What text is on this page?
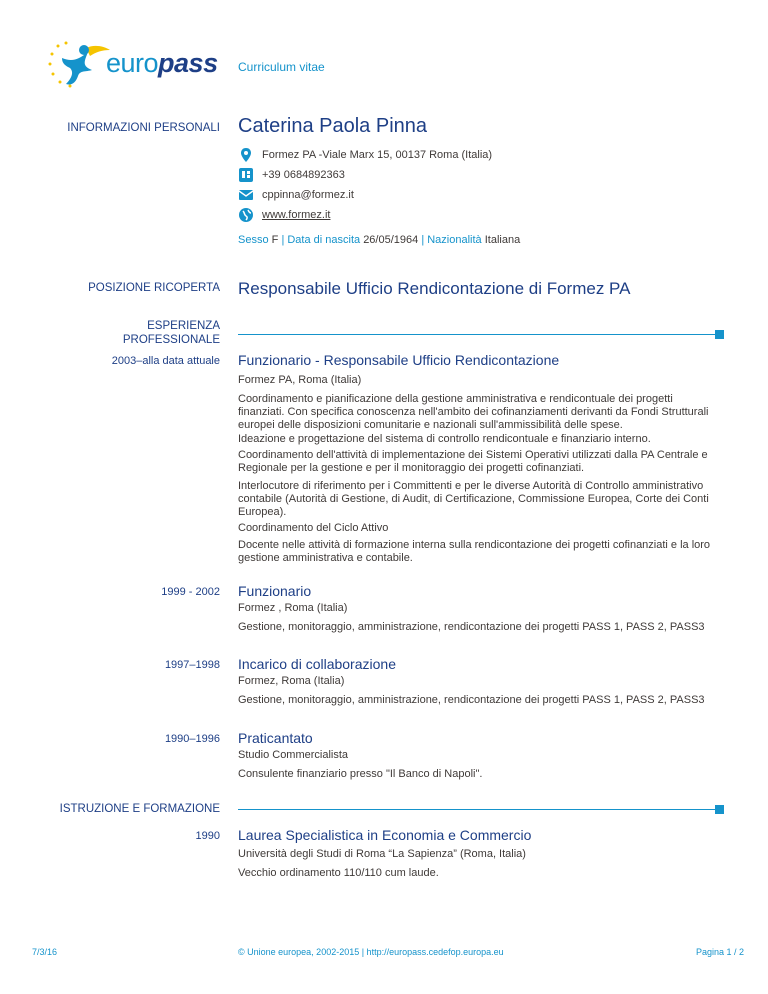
europass Curriculum vitae
INFORMAZIONI PERSONALI Caterina Paola Pinna
Formez PA -Viale Marx 15, 00137 Roma (Italia)
+39 0684892363
cppinna@formez.it
www.formez.it
Sesso F | Data di nascita 26/05/1964 | Nazionalità Italiana
POSIZIONE RICOPERTA Responsabile Ufficio Rendicontazione di Formez PA
ESPERIENZA
PROFESSIONALE
2003–alla data attuale Funzionario - Responsabile Ufficio Rendicontazione
Formez PA, Roma (Italia)
Coordinamento e pianificazione della gestione amministrativa e rendicontuale dei progetti finanziati. Con specifica conoscenza nell'ambito dei cofinanziamenti derivanti da Fondi Strutturali europei delle disposizioni comunitarie e nazionali sull'ammissibilità delle spese.
Ideazione e progettazione del sistema di controllo rendicontuale e finanziario interno.
Coordinamento dell'attività di implementazione dei Sistemi Operativi utilizzati dalla PA Centrale e Regionale per la gestione e per il monitoraggio dei progetti cofinanziati.
Interlocutore di riferimento per i Committenti e per le diverse Autorità di Controllo amministrativo contabile (Autorità di Gestione, di Audit, di Certificazione, Commissione Europea, Corte dei Conti Europea).
Coordinamento del Ciclo Attivo
Docente nelle attività di formazione interna sulla rendicontazione dei progetti cofinanziati e la loro gestione amministrativa e contabile.
1999 - 2002 Funzionario
Formez , Roma (Italia)
Gestione, monitoraggio, amministrazione, rendicontazione dei progetti PASS 1, PASS 2, PASS3
1997–1998 Incarico di collaborazione
Formez, Roma (Italia)
Gestione, monitoraggio, amministrazione, rendicontazione dei progetti PASS 1, PASS 2, PASS3
1990–1996 Praticantato
Studio Commercialista
Consulente finanziario presso "Il Banco di Napoli".
ISTRUZIONE E FORMAZIONE
1990 Laurea Specialistica in Economia e Commercio
Università degli Studi di Roma “La Sapienza” (Roma, Italia)
Vecchio ordinamento 110/110 cum laude.
7/3/16	© Unione europea, 2002-2015 | http://europass.cedefop.europa.eu	Pagina 1 / 2
